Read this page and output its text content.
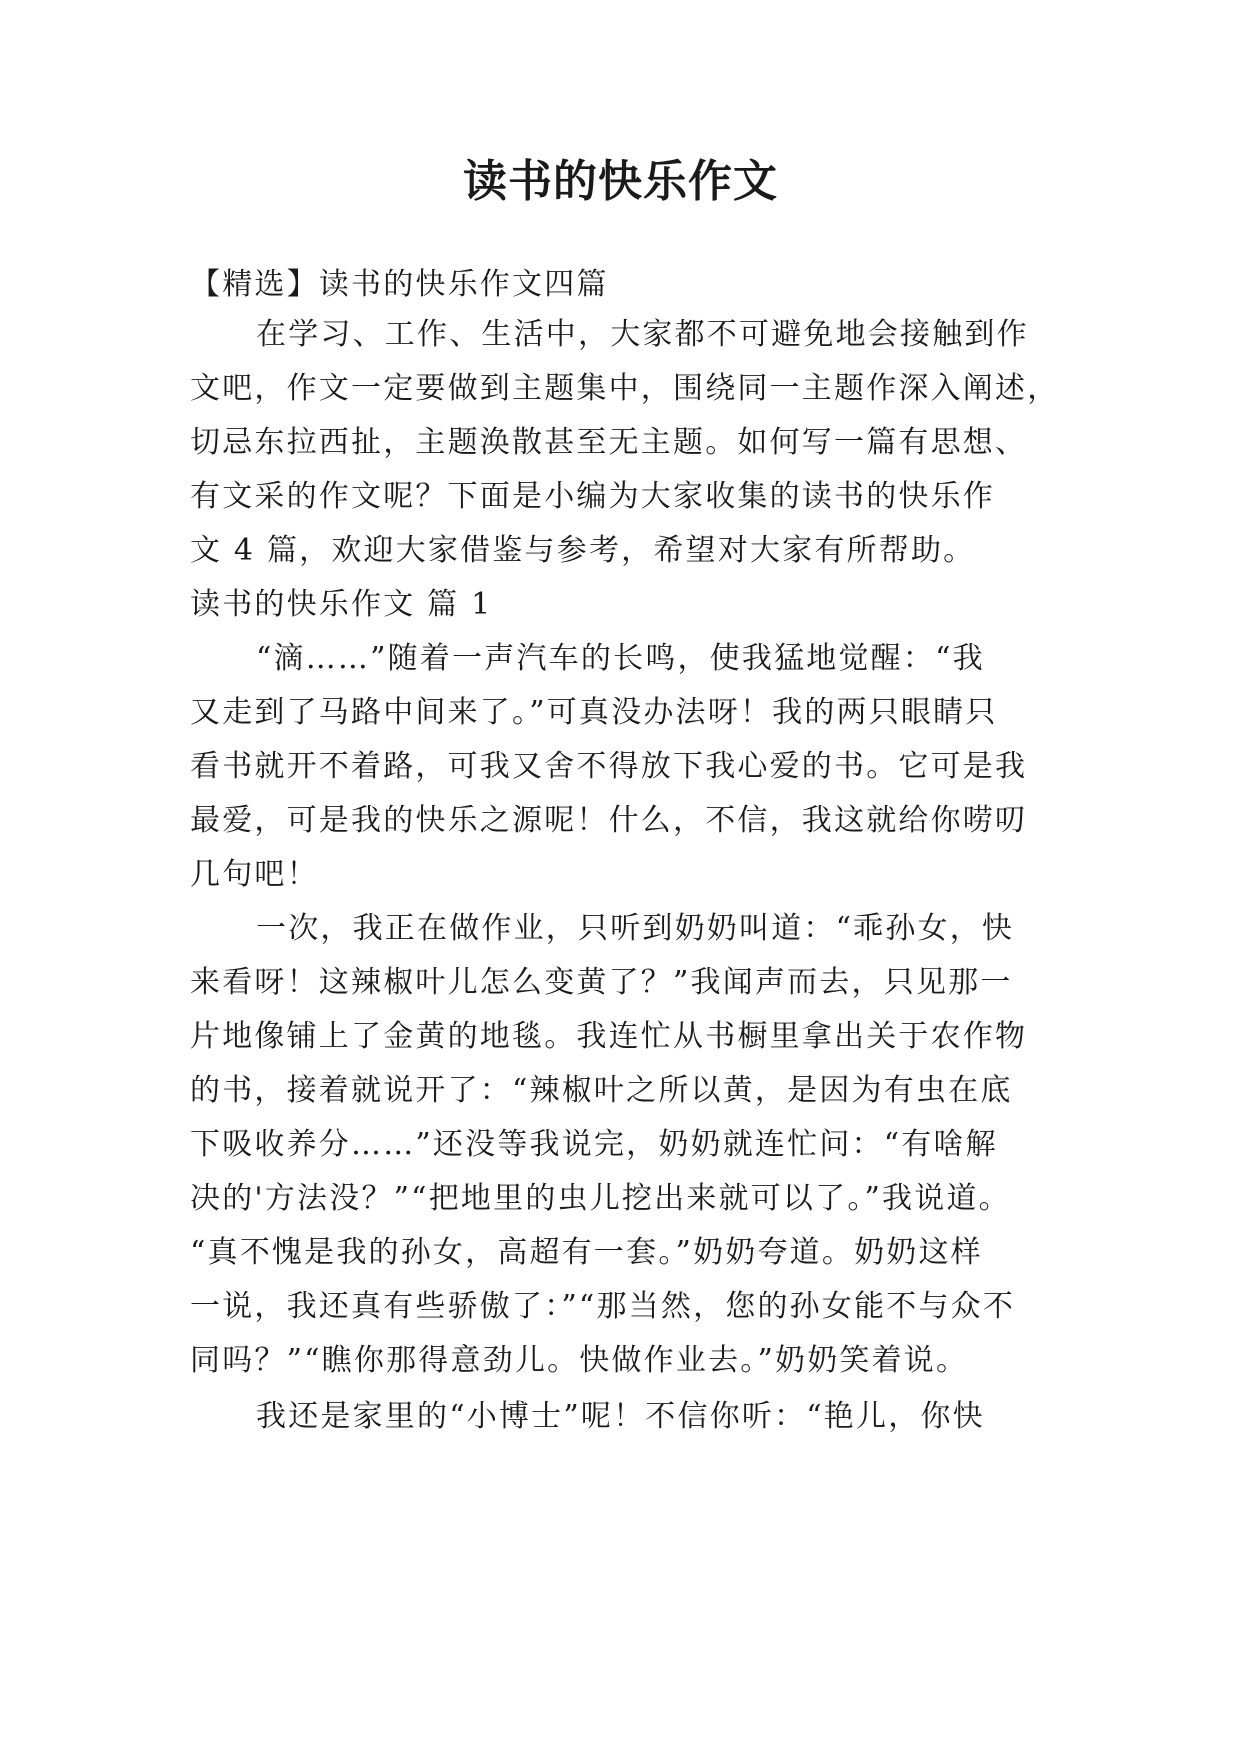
读书的快乐作文

【精选】读书的快乐作文四篇

在学习、工作、生活中，大家都不可避免地会接触到作

文吧，作文一定要做到主题集中，围绕同一主题作深入阐述，

切忌东拉西扯，主题涣散甚至无主题。如何写一篇有思想、

有文采的作文呢？下面是小编为大家收集的读书的快乐作

文 4 篇，欢迎大家借鉴与参考，希望对大家有所帮助。

读书的快乐作文 篇 1

“滴……”随着一声汽车的长鸣，使我猛地觉醒：“我

又走到了马路中间来了。”可真没办法呀！我的两只眼睛只

看书就开不着路，可我又舍不得放下我心爱的书。它可是我

最爱，可是我的快乐之源呢！什么，不信，我这就给你唠叨

几句吧！

一次，我正在做作业，只听到奶奶叫道：“乖孙女，快

来看呀！这辣椒叶儿怎么变黄了？”我闻声而去，只见那一

片地像铺上了金黄的地毯。我连忙从书橱里拿出关于农作物

的书，接着就说开了：“辣椒叶之所以黄，是因为有虫在底

下吸收养分……”还没等我说完，奶奶就连忙问：“有啥解

决的'方法没？”“把地里的虫儿挖出来就可以了。”我说道。

“真不愧是我的孙女，高超有一套。”奶奶夸道。奶奶这样

一说，我还真有些骄傲了：”“那当然，您的孙女能不与众不

同吗？”“瞧你那得意劲儿。快做作业去。”奶奶笑着说。

我还是家里的“小博士”呢！不信你听：“艳儿，你快
